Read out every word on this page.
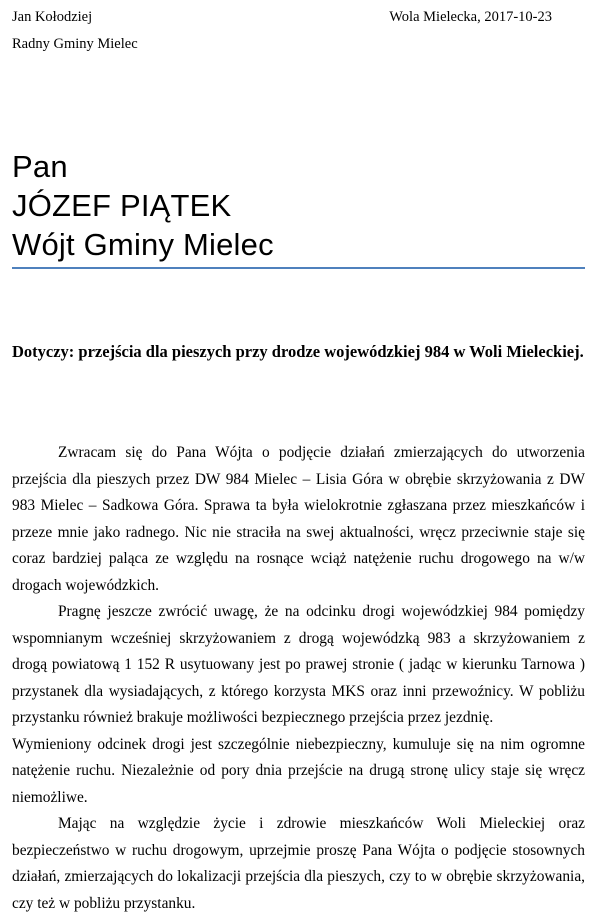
Jan Kołodziej
Radny Gminy Mielec
Wola Mielecka, 2017-10-23
Pan
JÓZEF PIĄTEK
Wójt Gminy Mielec
Dotyczy: przejścia dla pieszych przy drodze wojewódzkiej 984 w Woli Mieleckiej.

Zwracam się do Pana Wójta o podjęcie działań zmierzających do utworzenia przejścia dla pieszych przez DW 984 Mielec – Lisia Góra w obrębie skrzyżowania z DW 983 Mielec – Sadkowa Góra. Sprawa ta była wielokrotnie zgłaszana przez mieszkańców i przeze mnie jako radnego. Nic nie straciła na swej aktualności, wręcz przeciwnie staje się coraz bardziej paląca ze względu na rosnące wciąż natężenie ruchu drogowego na w/w drogach wojewódzkich.

Pragnę jeszcze zwrócić uwagę, że na odcinku drogi wojewódzkiej 984 pomiędzy wspomnianym wcześniej skrzyżowaniem z drogą wojewódzką 983 a skrzyżowaniem z drogą powiatową 1 152 R usytuowany jest po prawej stronie ( jadąc w kierunku Tarnowa ) przystanek dla wysiadających, z którego korzysta MKS oraz inni przewoźnicy. W pobliżu przystanku również brakuje możliwości bezpiecznego przejścia przez jezdnię.

Wymieniony odcinek drogi jest szczególnie niebezpieczny, kumuluje się na nim ogromne natężenie ruchu. Niezależnie od pory dnia przejście na drugą stronę ulicy staje się wręcz niemożliwe.

Mając na względzie życie i zdrowie mieszkańców Woli Mieleckiej oraz bezpieczeństwo w ruchu drogowym, uprzejmie proszę Pana Wójta o podjęcie stosownych działań, zmierzających do lokalizacji przejścia dla pieszych, czy to w obrębie skrzyżowania, czy też w pobliżu przystanku.
